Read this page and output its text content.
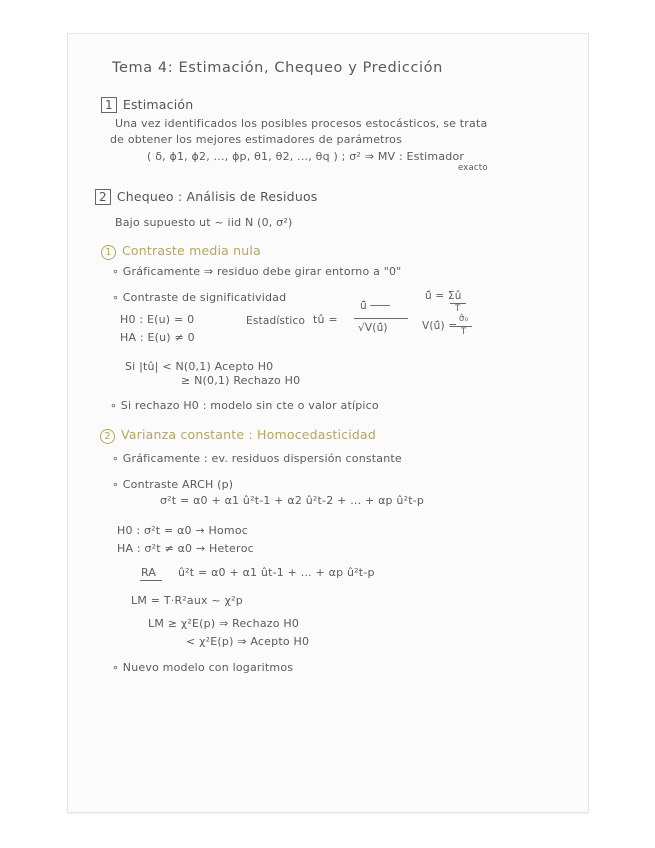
Tema 4: Estimación, Chequeo y Predicción
1 Estimación
Una vez identificados los posibles procesos estocásticos, se trata
de obtener los mejores estimadores de parámetros
( δ, ϕ1, ϕ2, ..., ϕp, θ1, θ2, ..., θq ) ; σ² ⇒ MV : Estimador
exacto
2 Chequeo : Análisis de Residuos
Bajo supuesto ut ~ iid N (0, σ²)
1 Contraste media nula
∘ Gráficamente ⇒ residuo debe girar entorno a "0"
∘ Contraste de significatividad
H0 : E(u) = 0
HA : E(u) ≠ 0
Estadístico tû =
ū̂ ───
√V(ū̂)
ū̂ = Σû
T
V(ū̂) =
σ̂₀
T
Si |tû| < N(0,1) Acepto H0
≥ N(0,1) Rechazo H0
∘ Si rechazo H0 : modelo sin cte o valor atípico
2 Varianza constante : Homocedasticidad
∘ Gráficamente : ev. residuos dispersión constante
∘ Contraste ARCH (p)
σ²t = α0 + α1 û²t-1 + α2 û²t-2 + ... + αp û²t-p
H0 : σ²t = α0 → Homoc
HA : σ²t ≠ α0 → Heterоc
RA û²t = α0 + α1 ût-1 + ... + αp û²t-p
LM = T·R²aux ~ χ²p
LM ≥ χ²E(p) ⇒ Rechazo H0
< χ²E(p) ⇒ Acepto H0
∘ Nuevo modelo con logaritmos
